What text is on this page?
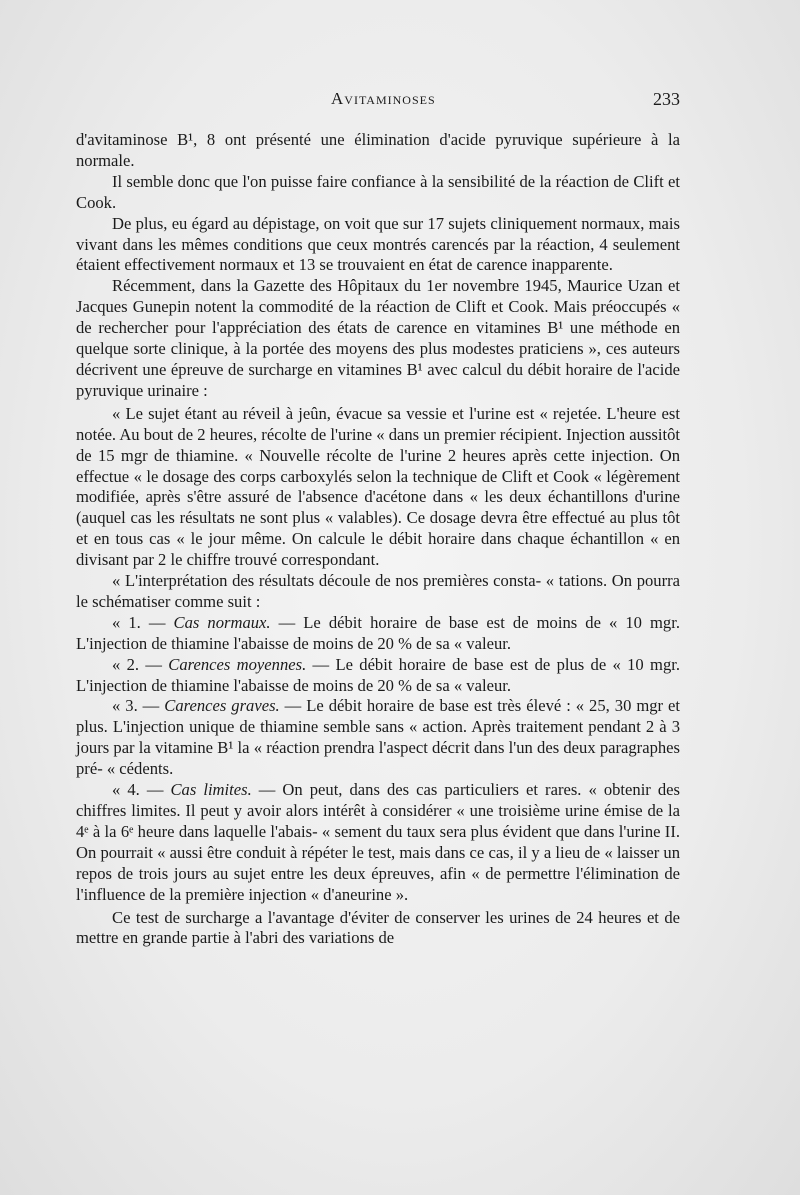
Avitaminoses	233

d'avitaminose B¹, 8 ont présenté une élimination d'acide pyruvique supérieure à la normale.

Il semble donc que l'on puisse faire confiance à la sensibilité de la réaction de Clift et Cook.

De plus, eu égard au dépistage, on voit que sur 17 sujets cliniquement normaux, mais vivant dans les mêmes conditions que ceux montrés carencés par la réaction, 4 seulement étaient effectivement normaux et 13 se trouvaient en état de carence inapparente.

Récemment, dans la Gazette des Hôpitaux du 1er novembre 1945, Maurice Uzan et Jacques Gunepin notent la commodité de la réaction de Clift et Cook. Mais préoccupés « de rechercher pour l'appréciation des états de carence en vitamines B¹ une méthode en quelque sorte clinique, à la portée des moyens des plus modestes praticiens », ces auteurs décrivent une épreuve de surcharge en vitamines B¹ avec calcul du débit horaire de l'acide pyruvique urinaire :

« Le sujet étant au réveil à jeûn, évacue sa vessie et l'urine est « rejetée. L'heure est notée. Au bout de 2 heures, récolte de l'urine « dans un premier récipient. Injection aussitôt de 15 mgr de thiamine. « Nouvelle récolte de l'urine 2 heures après cette injection. On effectue « le dosage des corps carboxylés selon la technique de Clift et Cook « légèrement modifiée, après s'être assuré de l'absence d'acétone dans « les deux échantillons d'urine (auquel cas les résultats ne sont plus « valables). Ce dosage devra être effectué au plus tôt et en tous cas « le jour même. On calcule le débit horaire dans chaque échantillon « en divisant par 2 le chiffre trouvé correspondant.

« L'interprétation des résultats découle de nos premières consta- « tations. On pourra le schématiser comme suit :

« 1. — Cas normaux. — Le débit horaire de base est de moins de « 10 mgr. L'injection de thiamine l'abaisse de moins de 20 % de sa « valeur.

« 2. — Carences moyennes. — Le débit horaire de base est de plus de « 10 mgr. L'injection de thiamine l'abaisse de moins de 20 % de sa « valeur.

« 3. — Carences graves. — Le débit horaire de base est très élevé : « 25, 30 mgr et plus. L'injection unique de thiamine semble sans « action. Après traitement pendant 2 à 3 jours par la vitamine B¹ la « réaction prendra l'aspect décrit dans l'un des deux paragraphes pré- « cédents.

« 4. — Cas limites. — On peut, dans des cas particuliers et rares. « obtenir des chiffres limites. Il peut y avoir alors intérêt à considérer « une troisième urine émise de la 4ᵉ à la 6ᵉ heure dans laquelle l'abais- « sement du taux sera plus évident que dans l'urine II. On pourrait « aussi être conduit à répéter le test, mais dans ce cas, il y a lieu de « laisser un repos de trois jours au sujet entre les deux épreuves, afin « de permettre l'élimination de l'influence de la première injection « d'aneurine ».

Ce test de surcharge a l'avantage d'éviter de conserver les urines de 24 heures et de mettre en grande partie à l'abri des variations de
